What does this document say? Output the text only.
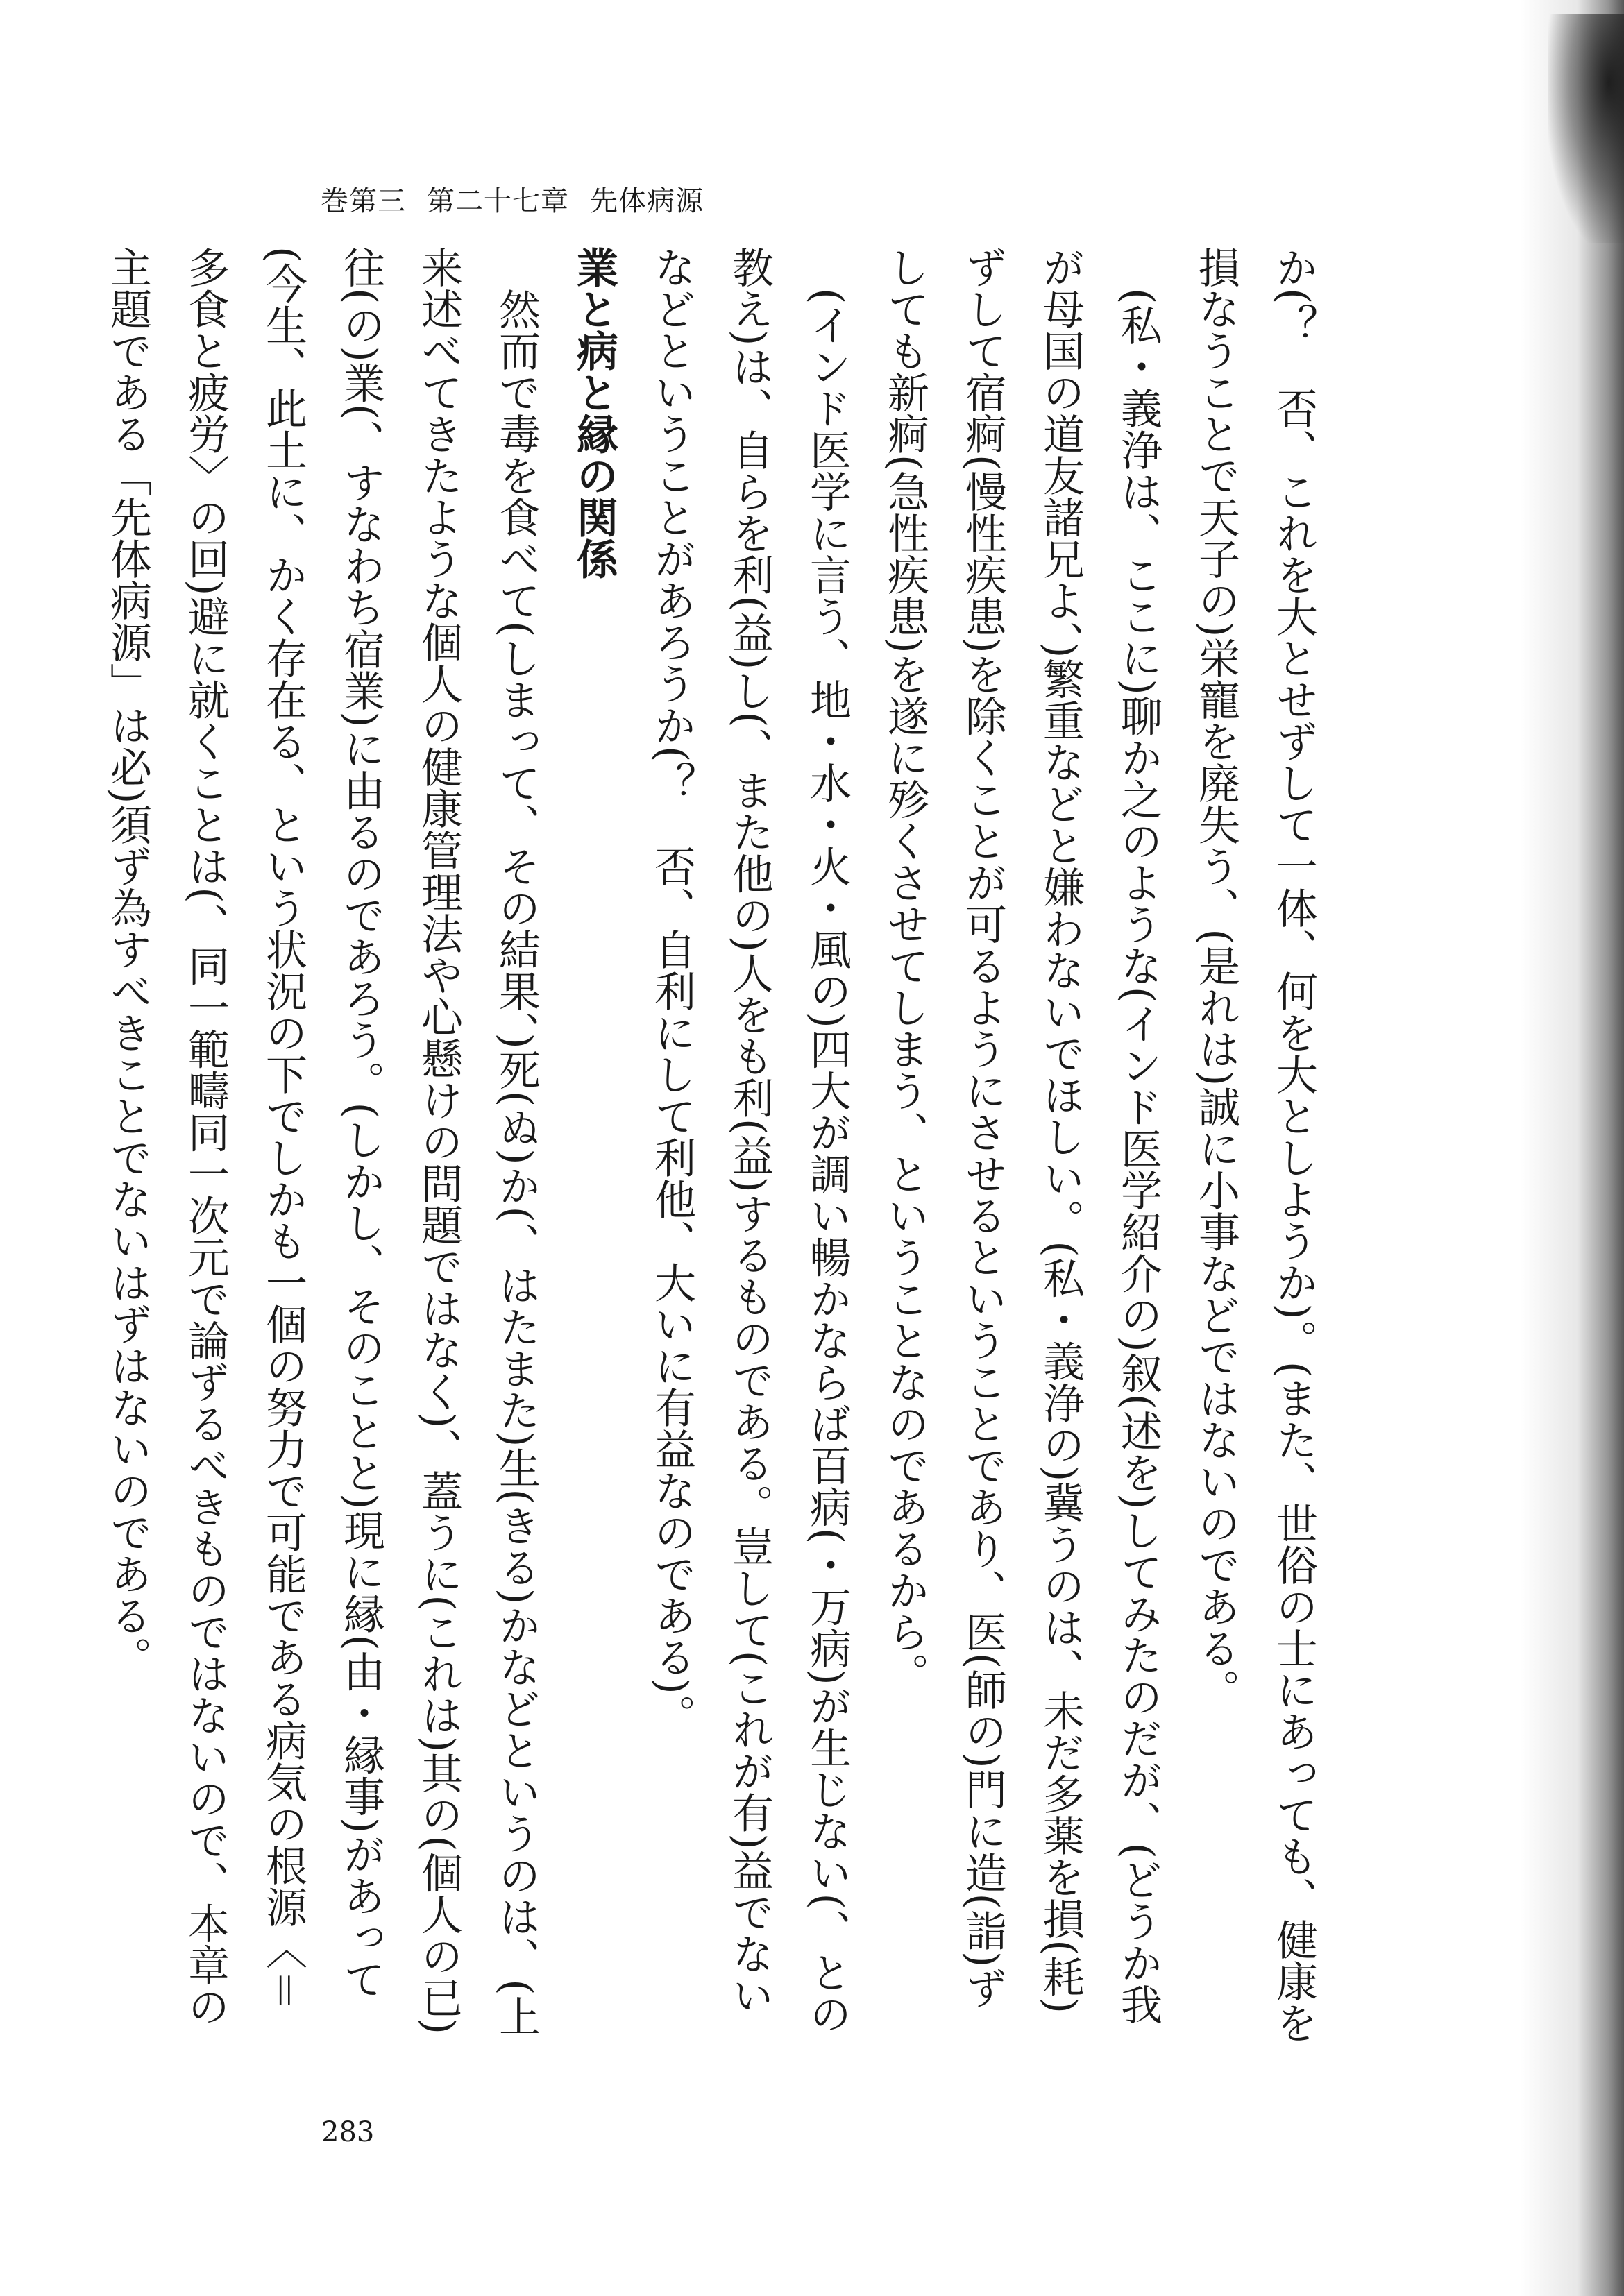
巻第三 第二十七章 先体病源

か(？　否、これを大とせずして一体、何を大としようか)。(また、世俗の士にあっても、健康を損なうことで天子の)栄寵を廃失う、(是れは)誠に小事などではないのである。

(私・義浄は、ここに)聊か之のような(インド医学紹介の)叙(述を)してみたのだが、(どうか我が母国の道友諸兄よ、)繁重などと嫌わないでほしい。(私・義浄の)冀うのは、未だ多薬を損(耗)ずして宿痾(慢性疾患)を除くことが可るようにさせるということであり、医(師の)門に造(詣)ずしても新痾(急性疾患)を遂に殄くさせてしまう、ということなのであるから。

(インド医学に言う、地・水・火・風の)四大が調い暢かならば百病(・万病)が生じない(、との教え)は、自らを利(益)し(、また他の)人をも利(益)するものである。豈して(これが有)益でないなどということがあろうか(？　否、自利にして利他、大いに有益なのである)。

業と病と縁の関係

然而で毒を食べて(しまって、その結果、)死(ぬ)か(、はたまた)生(きる)かなどというのは、(上来述べてきたような個人の健康管理法や心懸けの問題ではなく)、蓋うに(これは)其の(個人の已)往(の)業(、すなわち宿業)に由るのであろう。(しかし、そのことと)現に縁(由・縁事)があって(今生、此土に、かく存在る、という状況の下でしかも一個の努力で可能である病気の根源〈＝多食と疲労〉の回)避に就くことは(、同一範疇同一次元で論ずるべきものではないので、本章の主題である「先体病源」は必)須ず為すべきことでないはずはないのである。

283
